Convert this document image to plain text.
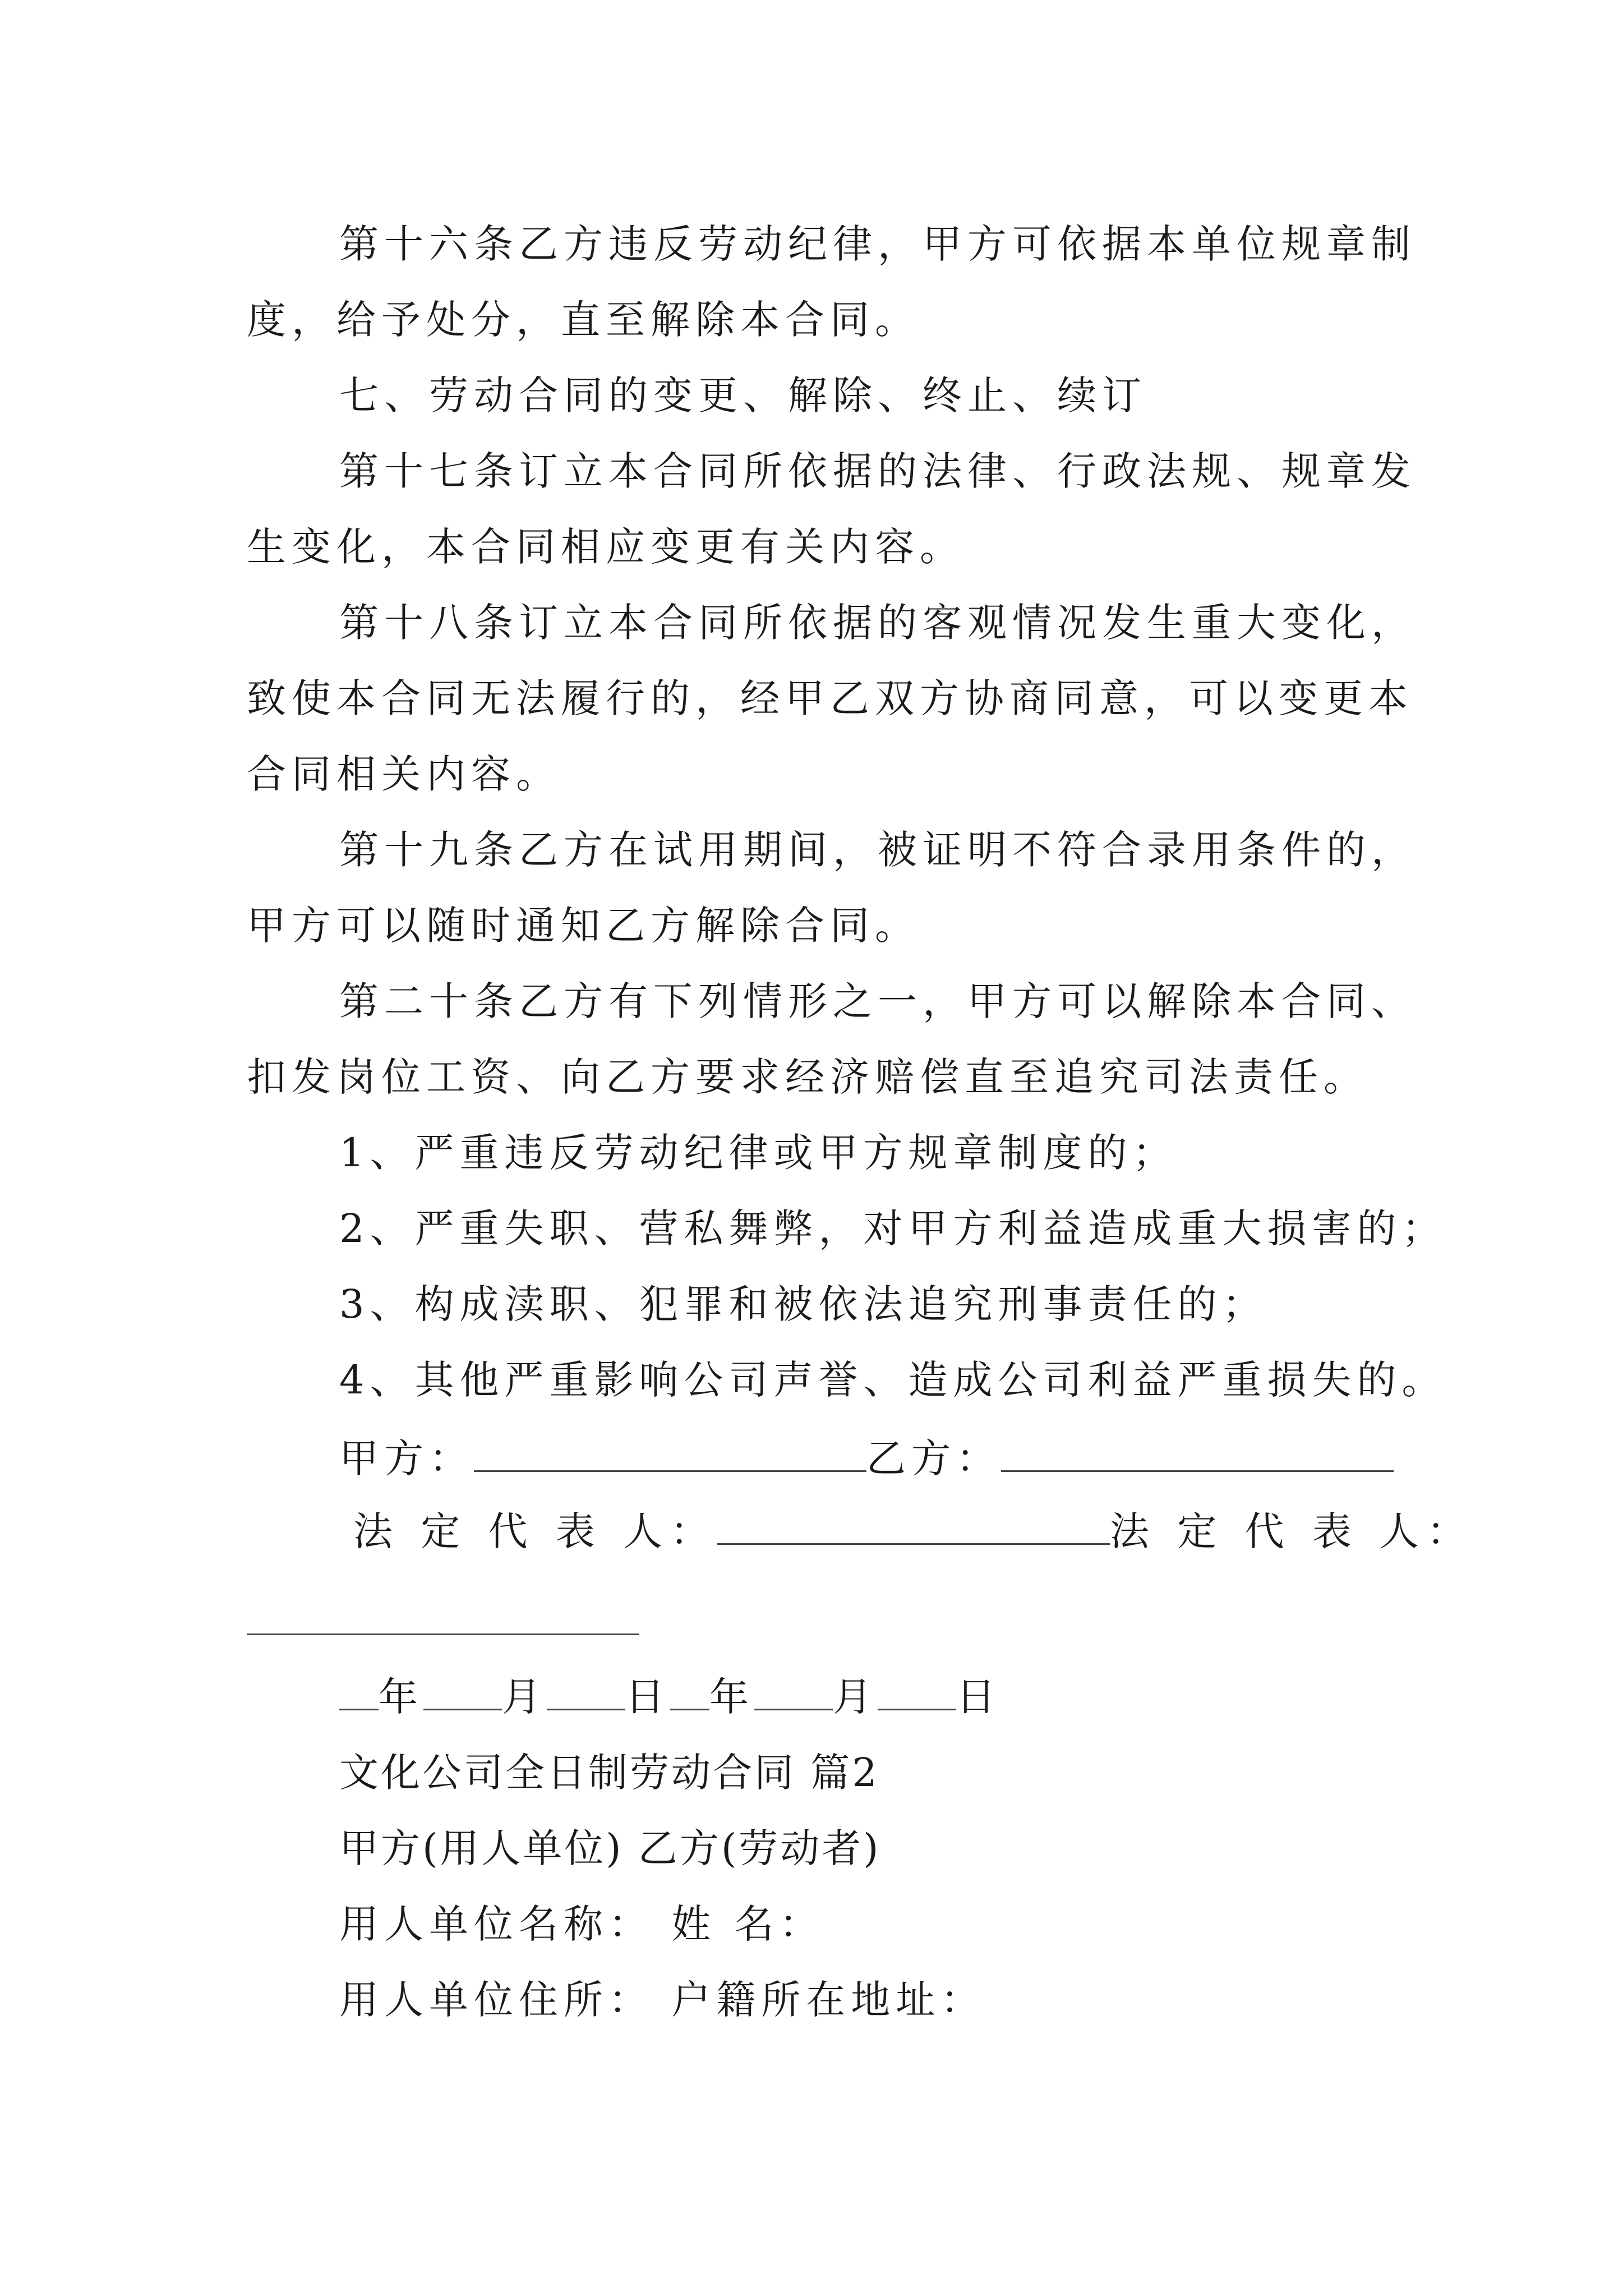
第十六条乙方违反劳动纪律，甲方可依据本单位规章制
度，给予处分，直至解除本合同。
七、劳动合同的变更、解除、终止、续订
第十七条订立本合同所依据的法律、行政法规、规章发
生变化，本合同相应变更有关内容。
第十八条订立本合同所依据的客观情况发生重大变化，
致使本合同无法履行的，经甲乙双方协商同意，可以变更本
合同相关内容。
第十九条乙方在试用期间，被证明不符合录用条件的，
甲方可以随时通知乙方解除合同。
第二十条乙方有下列情形之一，甲方可以解除本合同、
扣发岗位工资、向乙方要求经济赔偿直至追究司法责任。
1、严重违反劳动纪律或甲方规章制度的；
2、严重失职、营私舞弊，对甲方利益造成重大损害的；
3、构成渎职、犯罪和被依法追究刑事责任的；
4、其他严重影响公司声誉、造成公司利益严重损失的。
甲方：	乙方：
法 定 代 表 人：	法 定 代 表 人：
年 月 日 年 月 日
文化公司全日制劳动合同 篇2
甲方(用人单位) 乙方(劳动者)
用人单位名称： 姓 名：
用人单位住所： 户籍所在地址：
